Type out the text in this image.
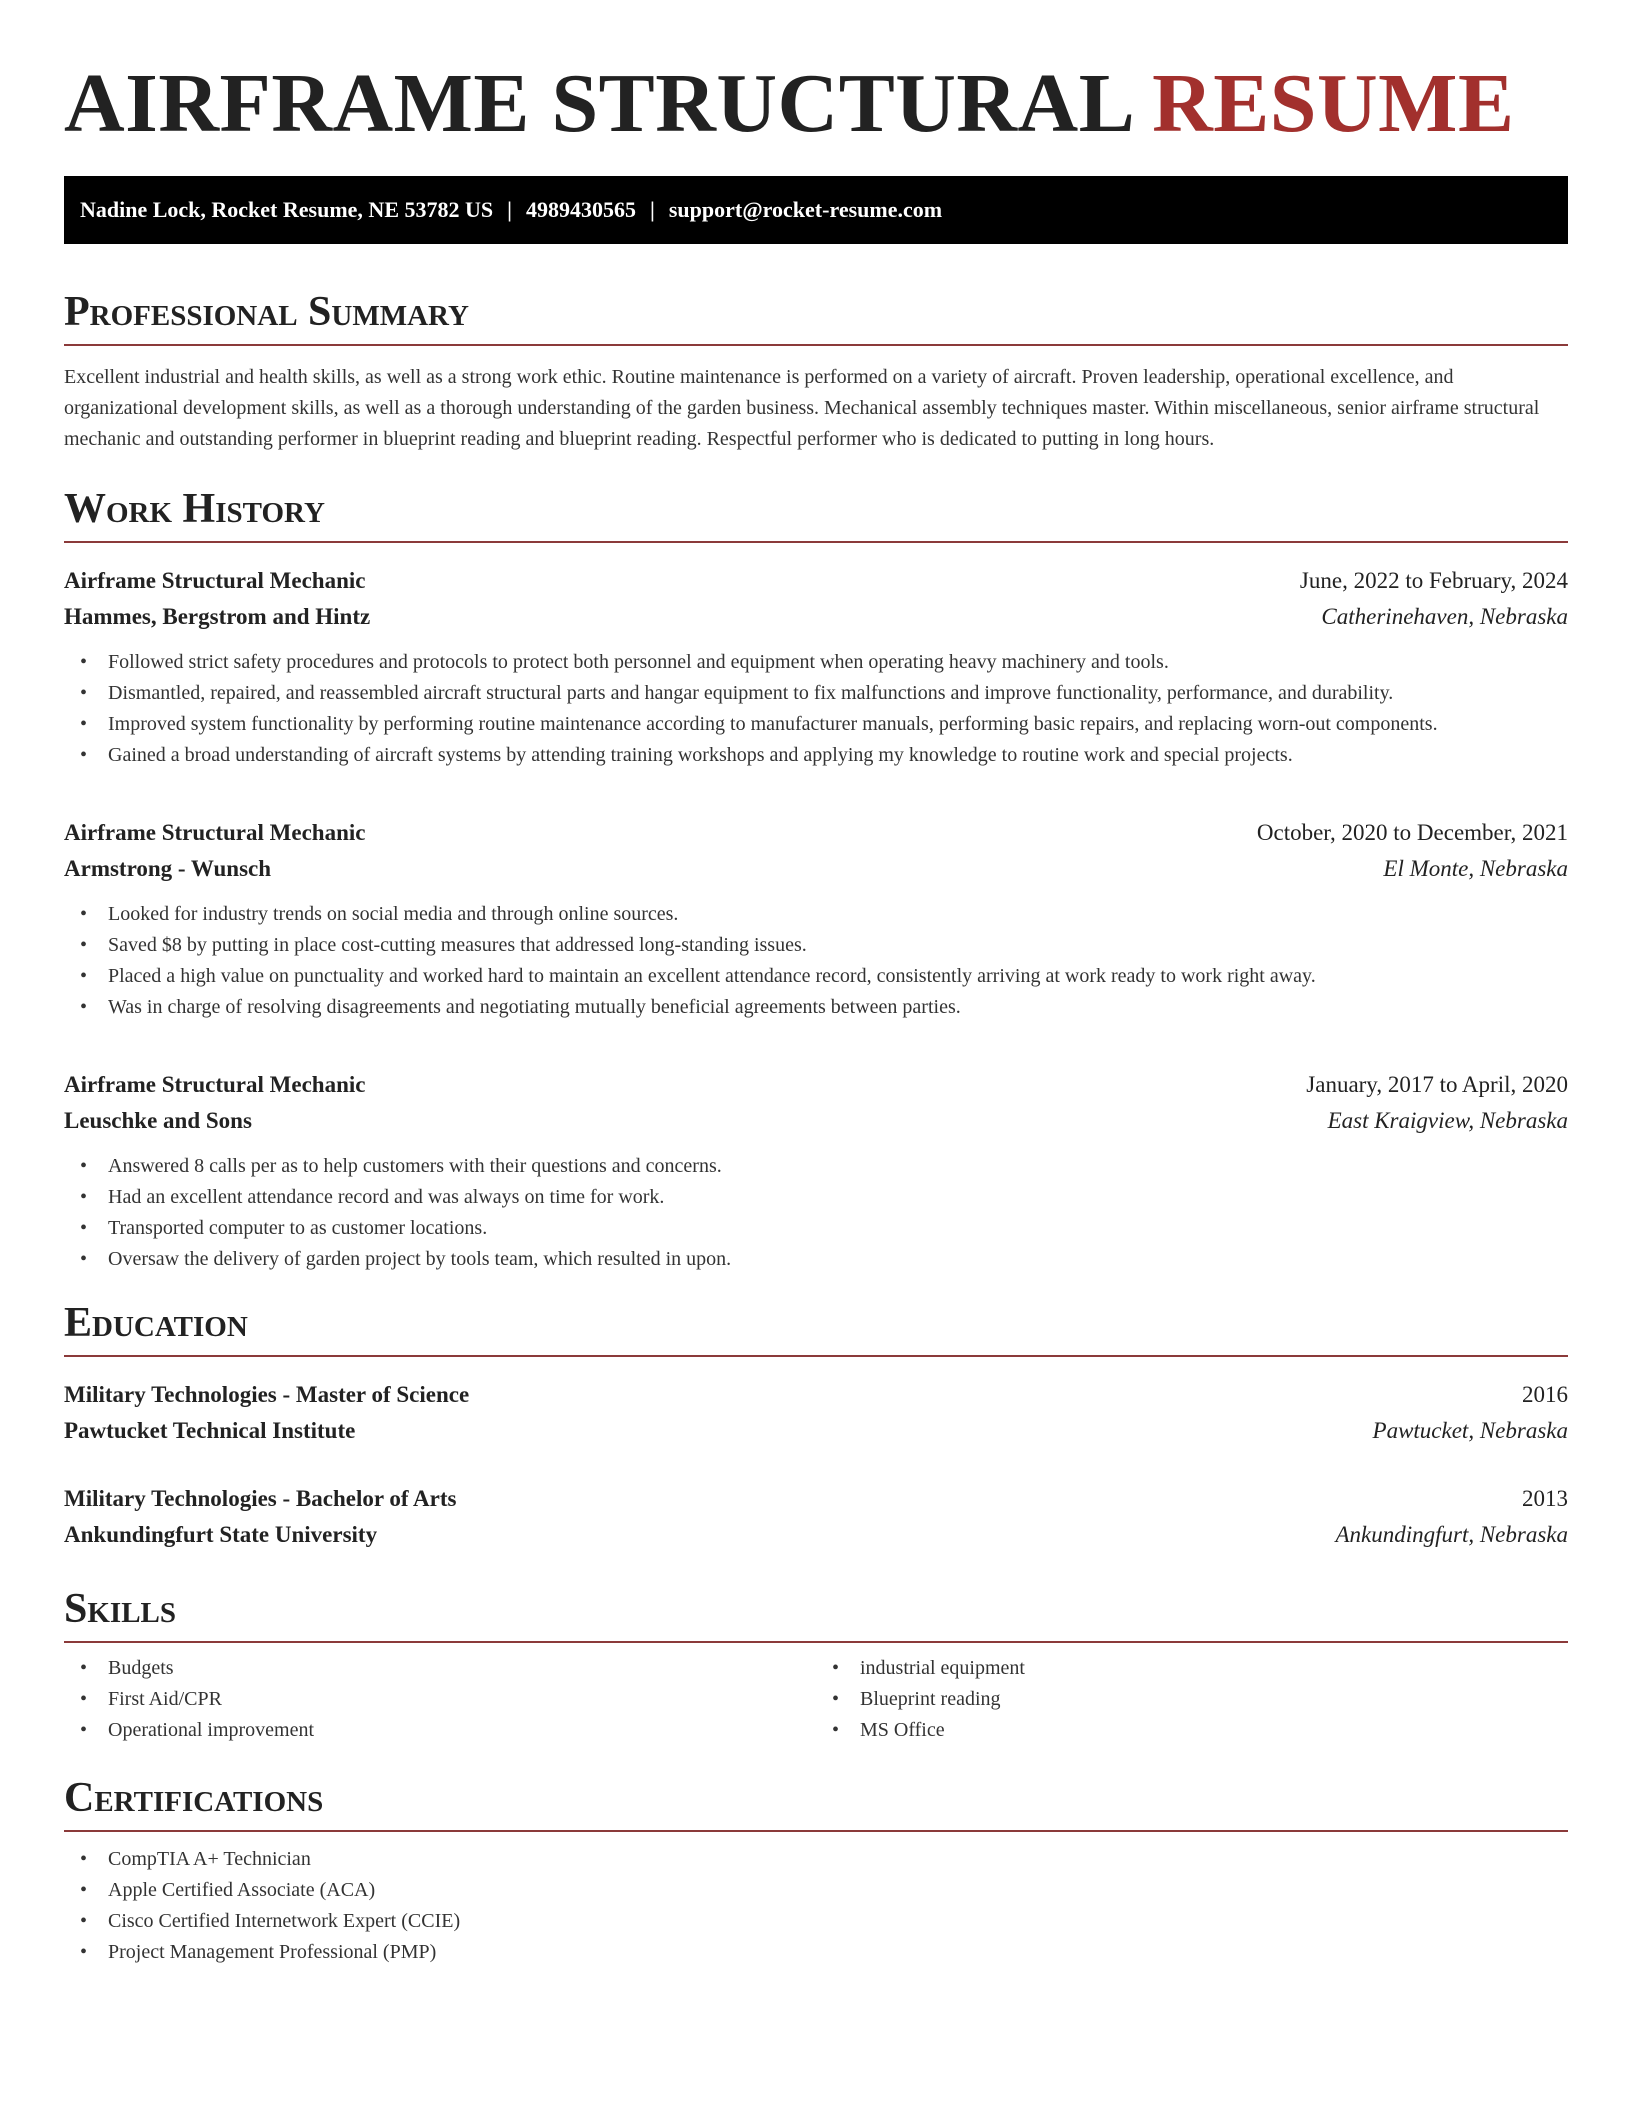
AIRFRAME STRUCTURAL RESUME
Nadine Lock, Rocket Resume, NE 53782 US | 4989430565 | support@rocket-resume.com
Professional Summary

Excellent industrial and health skills, as well as a strong work ethic. Routine maintenance is performed on a variety of aircraft. Proven leadership, operational excellence, and organizational development skills, as well as a thorough understanding of the garden business. Mechanical assembly techniques master. Within miscellaneous, senior airframe structural mechanic and outstanding performer in blueprint reading and blueprint reading. Respectful performer who is dedicated to putting in long hours.

Work History
Airframe Structural Mechanic	June, 2022 to February, 2024
Hammes, Bergstrom and Hintz	Catherinehaven, Nebraska
• Followed strict safety procedures and protocols to protect both personnel and equipment when operating heavy machinery and tools.
• Dismantled, repaired, and reassembled aircraft structural parts and hangar equipment to fix malfunctions and improve functionality, performance, and durability.
• Improved system functionality by performing routine maintenance according to manufacturer manuals, performing basic repairs, and replacing worn-out components.
• Gained a broad understanding of aircraft systems by attending training workshops and applying my knowledge to routine work and special projects.
Airframe Structural Mechanic	October, 2020 to December, 2021
Armstrong - Wunsch	El Monte, Nebraska
• Looked for industry trends on social media and through online sources.
• Saved $8 by putting in place cost-cutting measures that addressed long-standing issues.
• Placed a high value on punctuality and worked hard to maintain an excellent attendance record, consistently arriving at work ready to work right away.
• Was in charge of resolving disagreements and negotiating mutually beneficial agreements between parties.
Airframe Structural Mechanic	January, 2017 to April, 2020
Leuschke and Sons	East Kraigview, Nebraska
• Answered 8 calls per as to help customers with their questions and concerns.
• Had an excellent attendance record and was always on time for work.
• Transported computer to as customer locations.
• Oversaw the delivery of garden project by tools team, which resulted in upon.
Education
Military Technologies - Master of Science	2016
Pawtucket Technical Institute	Pawtucket, Nebraska
Military Technologies - Bachelor of Arts	2013
Ankundingfurt State University	Ankundingfurt, Nebraska
Skills
• Budgets
• First Aid/CPR
• Operational improvement
• industrial equipment
• Blueprint reading
• MS Office
Certifications
• CompTIA A+ Technician
• Apple Certified Associate (ACA)
• Cisco Certified Internetwork Expert (CCIE)
• Project Management Professional (PMP)
